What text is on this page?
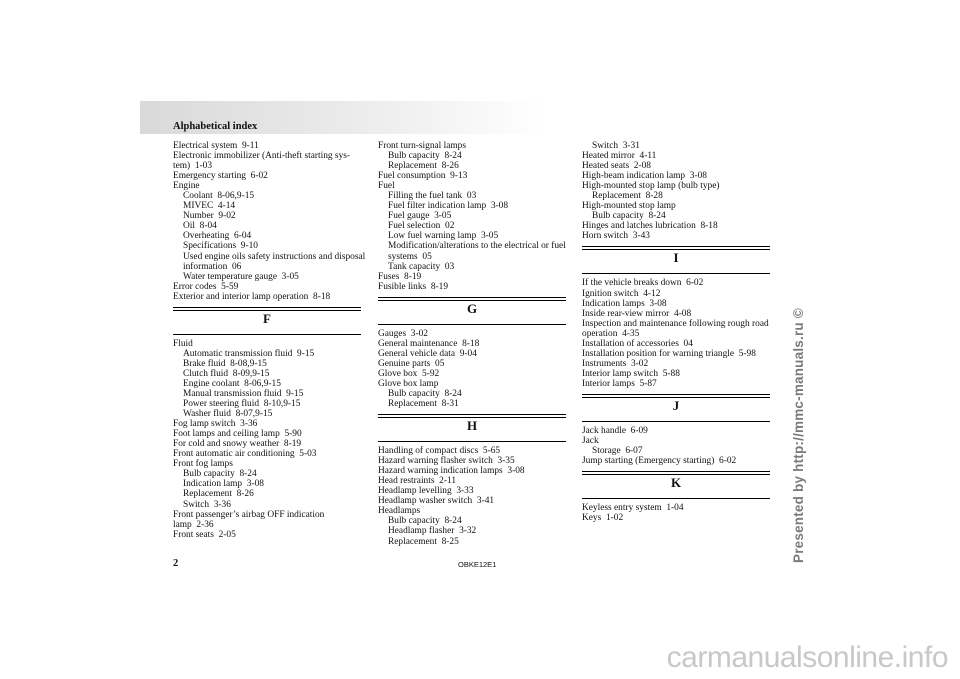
Alphabetical index
Electrical system  9-11
Electronic immobilizer (Anti-theft starting sys-
tem)  1-03
Emergency starting  6-02
Engine
Coolant  8-06,9-15
MIVEC  4-14
Number  9-02
Oil  8-04
Overheating  6-04
Specifications  9-10
Used engine oils safety instructions and disposal
information  06
Water temperature gauge  3-05
Error codes  5-59
Exterior and interior lamp operation  8-18
F
Fluid
Automatic transmission fluid  9-15
Brake fluid  8-08,9-15
Clutch fluid  8-09,9-15
Engine coolant  8-06,9-15
Manual transmission fluid  9-15
Power steering fluid  8-10,9-15
Washer fluid  8-07,9-15
Fog lamp switch  3-36
Foot lamps and ceiling lamp  5-90
For cold and snowy weather  8-19
Front automatic air conditioning  5-03
Front fog lamps
Bulb capacity  8-24
Indication lamp  3-08
Replacement  8-26
Switch  3-36
Front passenger’s airbag OFF indication
lamp  2-36
Front seats  2-05
Front turn-signal lamps
Bulb capacity  8-24
Replacement  8-26
Fuel consumption  9-13
Fuel
Filling the fuel tank  03
Fuel filter indication lamp  3-08
Fuel gauge  3-05
Fuel selection  02
Low fuel warning lamp  3-05
Modification/alterations to the electrical or fuel
systems  05
Tank capacity  03
Fuses  8-19
Fusible links  8-19
G
Gauges  3-02
General maintenance  8-18
General vehicle data  9-04
Genuine parts  05
Glove box  5-92
Glove box lamp
Bulb capacity  8-24
Replacement  8-31
H
Handling of compact discs  5-65
Hazard warning flasher switch  3-35
Hazard warning indication lamps  3-08
Head restraints  2-11
Headlamp levelling  3-33
Headlamp washer switch  3-41
Headlamps
Bulb capacity  8-24
Headlamp flasher  3-32
Replacement  8-25
Switch  3-31
Heated mirror  4-11
Heated seats  2-08
High-beam indication lamp  3-08
High-mounted stop lamp (bulb type)
Replacement  8-28
High-mounted stop lamp
Bulb capacity  8-24
Hinges and latches lubrication  8-18
Horn switch  3-43
I
If the vehicle breaks down  6-02
Ignition switch  4-12
Indication lamps  3-08
Inside rear-view mirror  4-08
Inspection and maintenance following rough road
operation  4-35
Installation of accessories  04
Installation position for warning triangle  5-98
Instruments  3-02
Interior lamp switch  5-88
Interior lamps  5-87
J
Jack handle  6-09
Jack
Storage  6-07
Jump starting (Emergency starting)  6-02
K
Keyless entry system  1-04
Keys  1-02
2	OBKE12E1
Presented by http://mmc-manuals.ru ©
carmanualsonline.info
